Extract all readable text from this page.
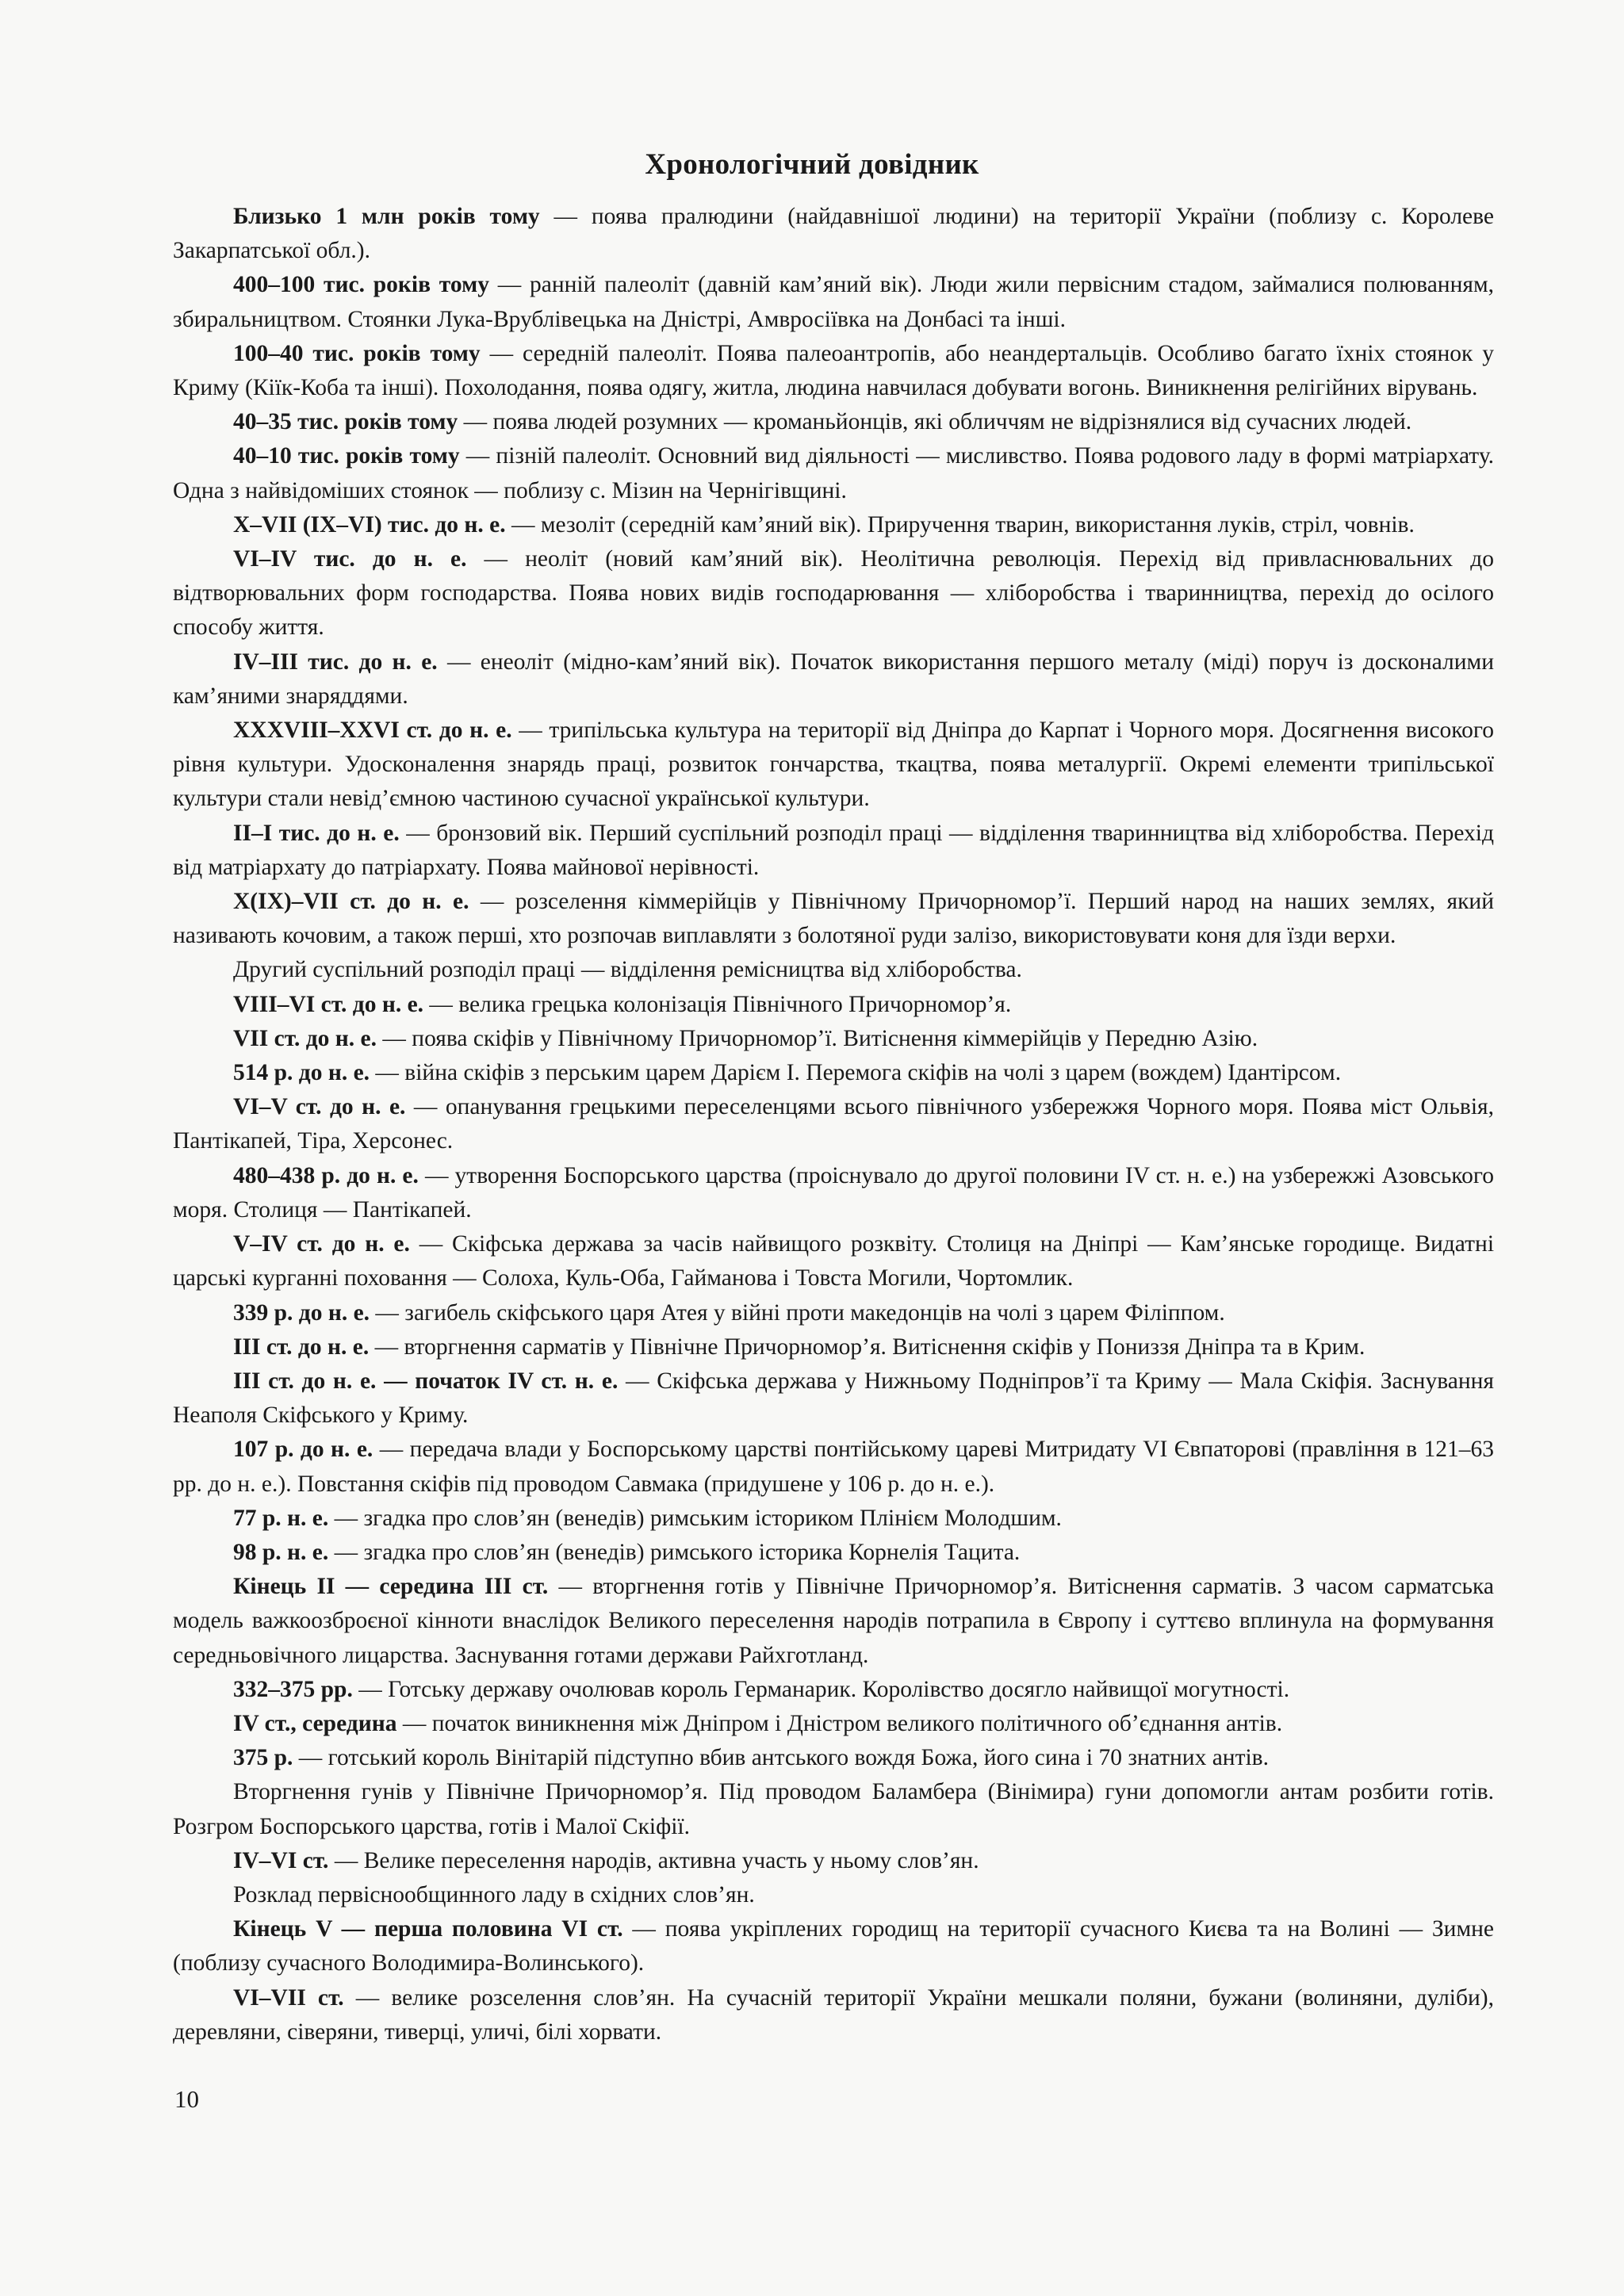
Хронологічний довідник

Близько 1 млн років тому — поява пралюдини (найдавнішої людини) на території України (поблизу с. Королеве Закарпатської обл.).

400–100 тис. років тому — ранній палеоліт (давній кам’яний вік). Люди жили первісним стадом, займалися полюванням, збиральництвом. Стоянки Лука-Врублівецька на Дністрі, Амвросіївка на Донбасі та інші.

100–40 тис. років тому — середній палеоліт. Поява палеоантропів, або неандертальців. Особливо багато їхніх стоянок у Криму (Кіїк-Коба та інші). Похолодання, поява одягу, житла, людина навчилася добувати вогонь. Виникнення релігійних вірувань.

40–35 тис. років тому — поява людей розумних — кроманьйонців, які обличчям не відрізнялися від сучасних людей.

40–10 тис. років тому — пізній палеоліт. Основний вид діяльності — мисливство. Поява родового ладу в формі матріархату. Одна з найвідоміших стоянок — поблизу с. Мізин на Чернігівщині.

X–VII (IX–VI) тис. до н. е. — мезоліт (середній кам’яний вік). Приручення тварин, використання луків, стріл, човнів.

VI–IV тис. до н. е. — неоліт (новий кам’яний вік). Неолітична революція. Перехід від привласнювальних до відтворювальних форм господарства. Поява нових видів господарювання — хліборобства і тваринництва, перехід до осілого способу життя.

IV–III тис. до н. е. — енеоліт (мідно-кам’яний вік). Початок використання першого металу (міді) поруч із досконалими кам’яними знаряддями.

XXXVIII–XXVI ст. до н. е. — трипільська культура на території від Дніпра до Карпат і Чорного моря. Досягнення високого рівня культури. Удосконалення знарядь праці, розвиток гончарства, ткацтва, поява металургії. Окремі елементи трипільської культури стали невід’ємною частиною сучасної української культури.

II–I тис. до н. е. — бронзовий вік. Перший суспільний розподіл праці — відділення тваринництва від хліборобства. Перехід від матріархату до патріархату. Поява майнової нерівності.

X(IX)–VII ст. до н. е. — розселення кіммерійців у Північному Причорномор’ї. Перший народ на наших землях, який називають кочовим, а також перші, хто розпочав виплавляти з болотяної руди залізо, використовувати коня для їзди верхи.

Другий суспільний розподіл праці — відділення ремісництва від хліборобства.

VIII–VI ст. до н. е. — велика грецька колонізація Північного Причорномор’я.

VII ст. до н. е. — поява скіфів у Північному Причорномор’ї. Витіснення кіммерійців у Передню Азію.

514 р. до н. е. — війна скіфів з перським царем Дарієм I. Перемога скіфів на чолі з царем (вождем) Ідантірсом.

VI–V ст. до н. е. — опанування грецькими переселенцями всього північного узбережжя Чорного моря. Поява міст Ольвія, Пантікапей, Тіра, Херсонес.

480–438 р. до н. е. — утворення Боспорського царства (проіснувало до другої половини IV ст. н. е.) на узбережжі Азовського моря. Столиця — Пантікапей.

V–IV ст. до н. е. — Скіфська держава за часів найвищого розквіту. Столиця на Дніпрі — Кам’янське городище. Видатні царські курганні поховання — Солоха, Куль-Оба, Гайманова і Товста Могили, Чортомлик.

339 р. до н. е. — загибель скіфського царя Атея у війні проти македонців на чолі з царем Філіппом.

III ст. до н. е. — вторгнення сарматів у Північне Причорномор’я. Витіснення скіфів у Пониззя Дніпра та в Крим.

III ст. до н. е. — початок IV ст. н. е. — Скіфська держава у Нижньому Подніпров’ї та Криму — Мала Скіфія. Заснування Неаполя Скіфського у Криму.

107 р. до н. е. — передача влади у Боспорському царстві понтійському цареві Митридату VI Євпаторові (правління в 121–63 рр. до н. е.). Повстання скіфів під проводом Савмака (придушене у 106 р. до н. е.).

77 р. н. е. — згадка про слов’ян (венедів) римським істориком Плінієм Молодшим.

98 р. н. е. — згадка про слов’ян (венедів) римського історика Корнелія Тацита.

Кінець II — середина III ст. — вторгнення готів у Північне Причорномор’я. Витіснення сарматів. З часом сарматська модель важкоозброєної кінноти внаслідок Великого переселення народів потрапила в Європу і суттєво вплинула на формування середньовічного лицарства. Заснування готами держави Райхготланд.

332–375 рр. — Готську державу очолював король Германарик. Королівство досягло найвищої могутності.

IV ст., середина — початок виникнення між Дніпром і Дністром великого політичного об’єднання антів.

375 р. — готський король Вінітарій підступно вбив антського вождя Божа, його сина і 70 знатних антів.

Вторгнення гунів у Північне Причорномор’я. Під проводом Баламбера (Вінімира) гуни допомогли антам розбити готів. Розгром Боспорського царства, готів і Малої Скіфії.

IV–VI ст. — Велике переселення народів, активна участь у ньому слов’ян.

Розклад первіснообщинного ладу в східних слов’ян.

Кінець V — перша половина VI ст. — поява укріплених городищ на території сучасного Києва та на Волині — Зимне (поблизу сучасного Володимира-Волинського).

VI–VII ст. — велике розселення слов’ян. На сучасній території України мешкали поляни, бужани (волиняни, дуліби), деревляни, сіверяни, тиверці, уличі, білі хорвати.

10
